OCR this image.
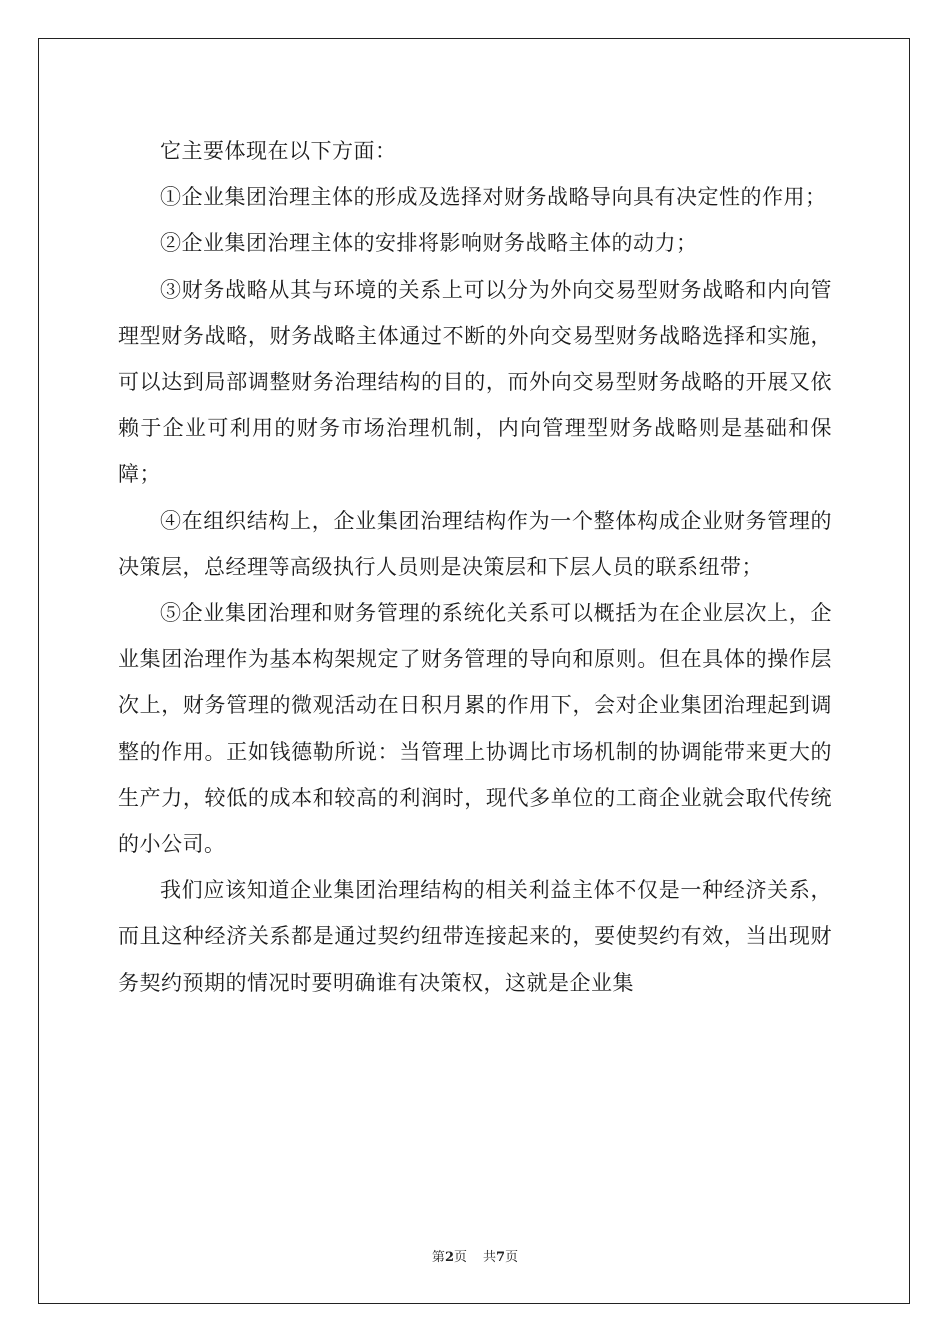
它主要体现在以下方面：

①企业集团治理主体的形成及选择对财务战略导向具有决定性的作用；

②企业集团治理主体的安排将影响财务战略主体的动力；

③财务战略从其与环境的关系上可以分为外向交易型财务战略和内向管理型财务战略，财务战略主体通过不断的外向交易型财务战略选择和实施，可以达到局部调整财务治理结构的目的，而外向交易型财务战略的开展又依赖于企业可利用的财务市场治理机制，内向管理型财务战略则是基础和保障；

④在组织结构上，企业集团治理结构作为一个整体构成企业财务管理的决策层，总经理等高级执行人员则是决策层和下层人员的联系纽带；

⑤企业集团治理和财务管理的系统化关系可以概括为在企业层次上，企业集团治理作为基本构架规定了财务管理的导向和原则。但在具体的操作层次上，财务管理的微观活动在日积月累的作用下，会对企业集团治理起到调整的作用。正如钱德勒所说：当管理上协调比市场机制的协调能带来更大的生产力，较低的成本和较高的利润时，现代多单位的工商企业就会取代传统的小公司。

我们应该知道企业集团治理结构的相关利益主体不仅是一种经济关系，而且这种经济关系都是通过契约纽带连接起来的，要使契约有效，当出现财务契约预期的情况时要明确谁有决策权，这就是企业集

第2页 共7页
